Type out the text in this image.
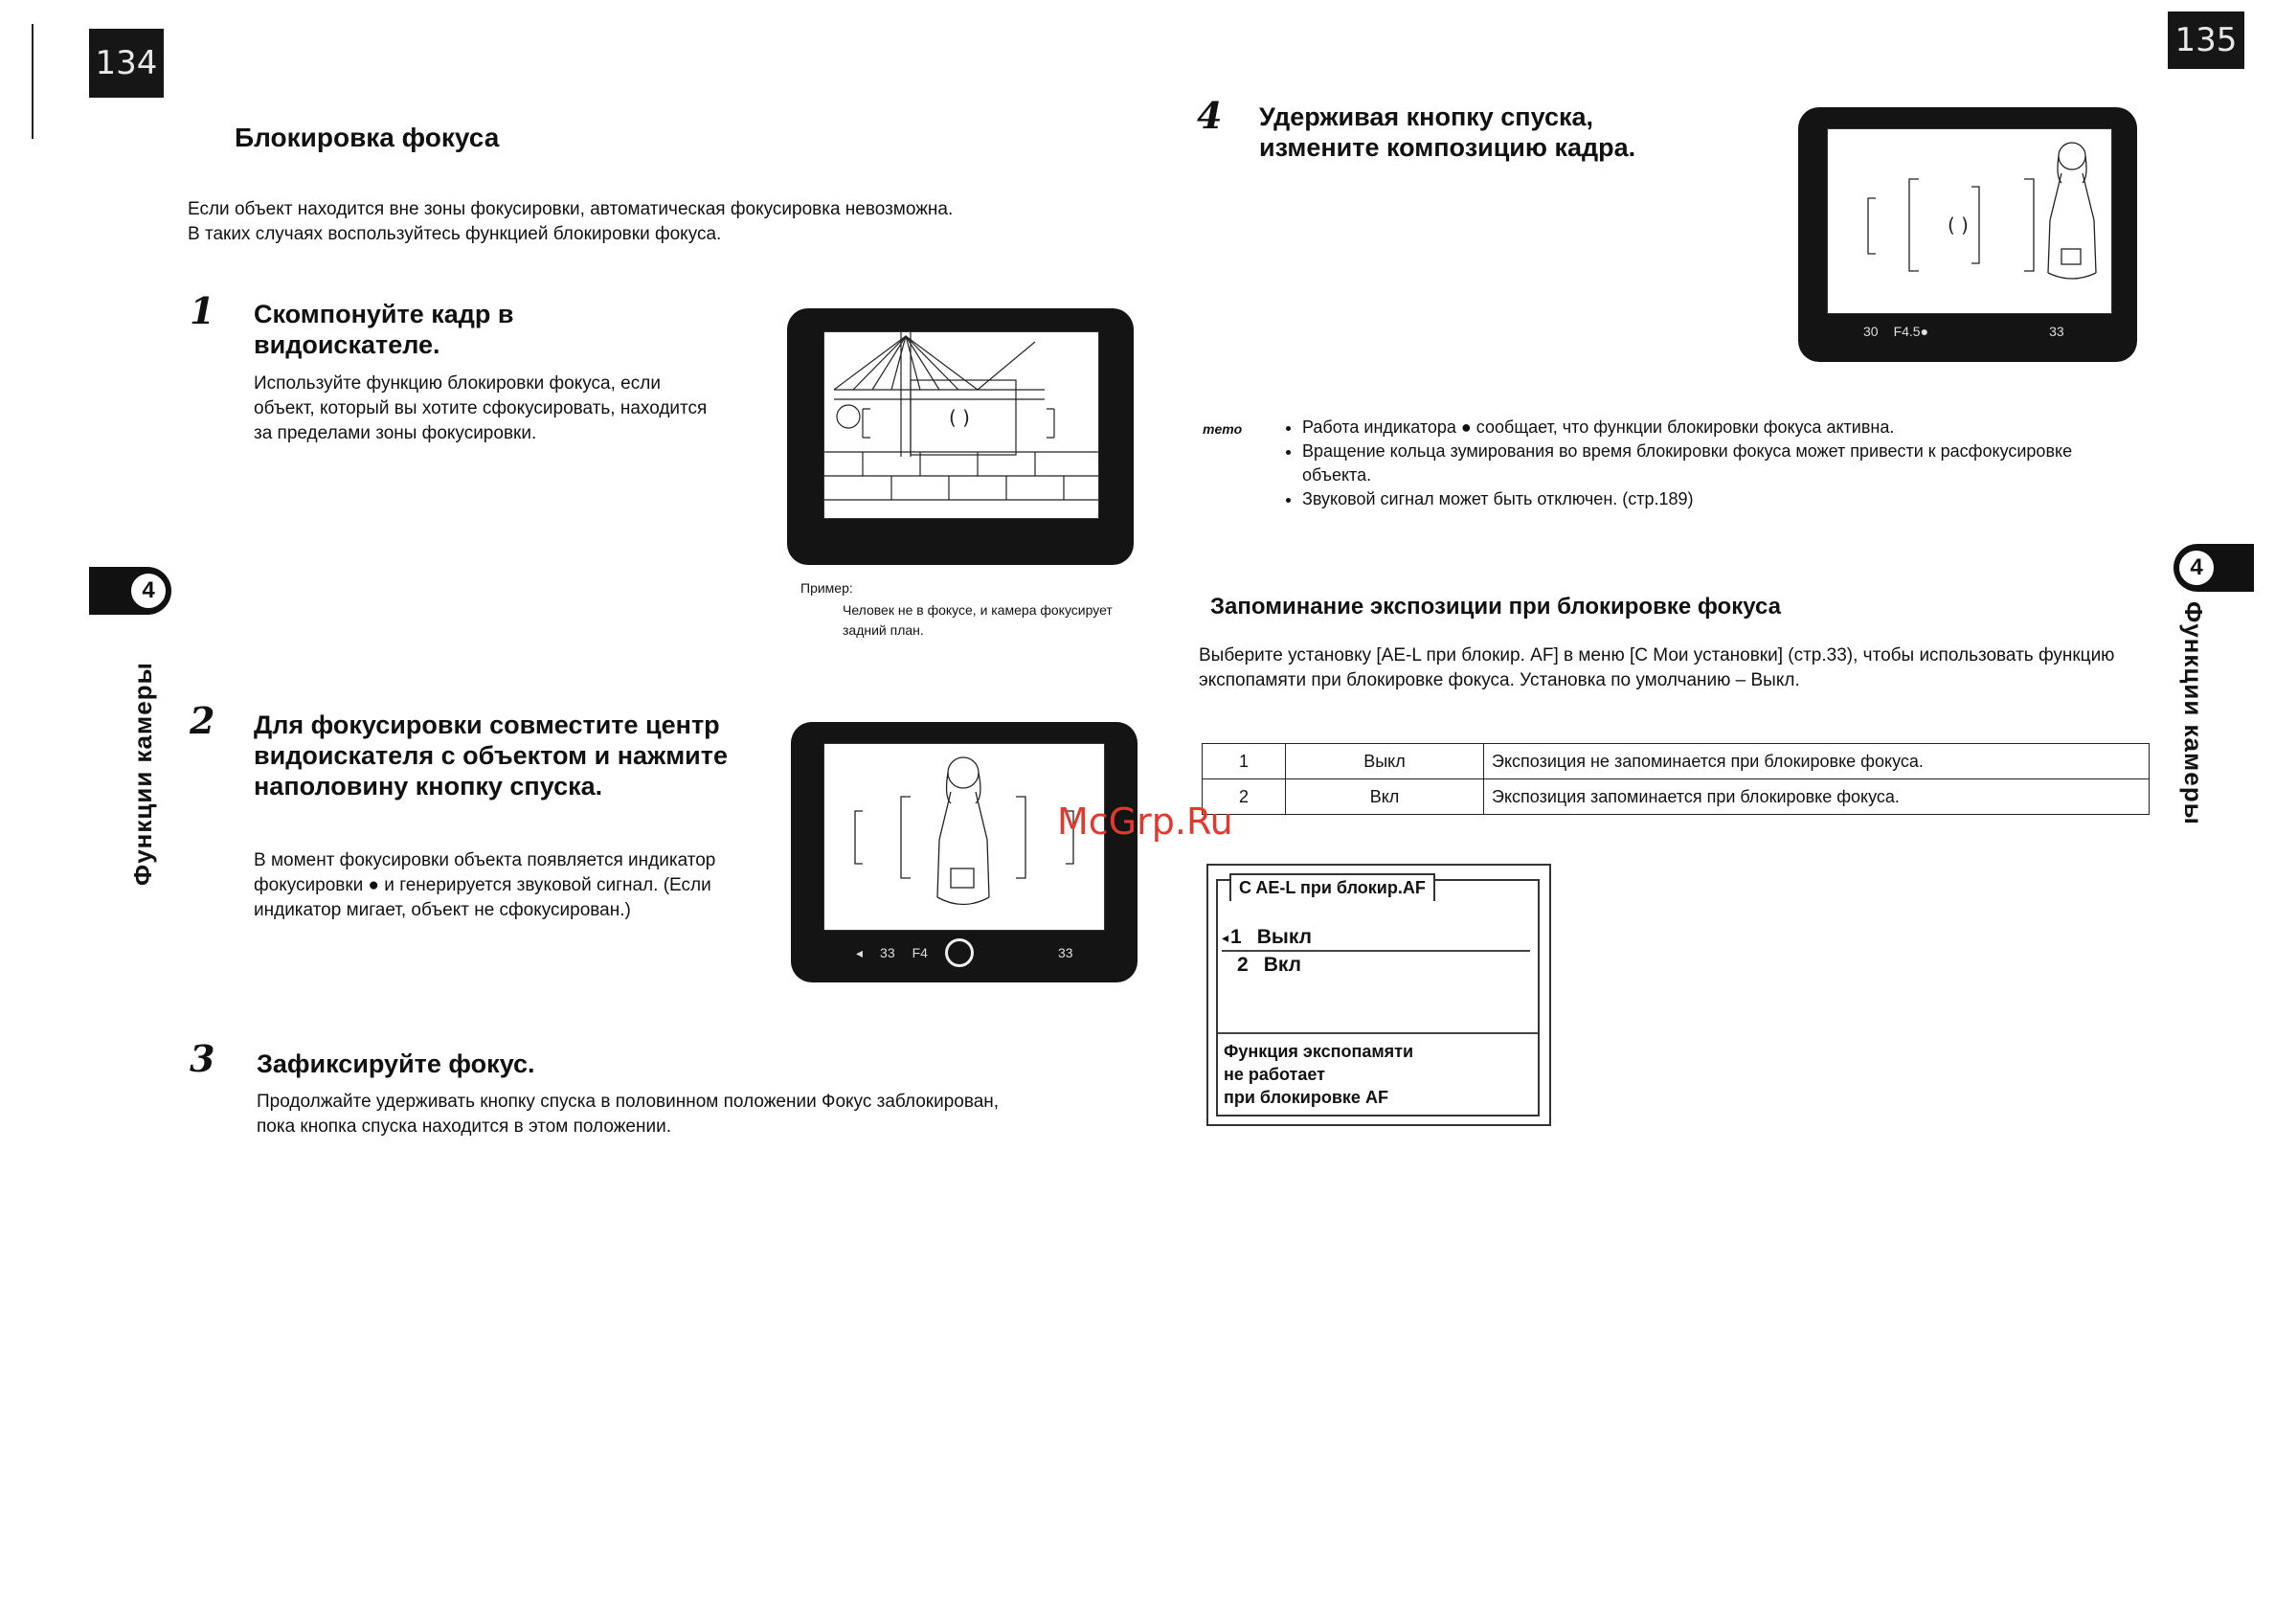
134
Блокировка фокуса
Если объект находится вне зоны фокусировки, автоматическая фокусировка невозможна.
В таких случаях воспользуйтесь функцией блокировки фокуса.
4
Функции камеры
1 Скомпонуйте кадр в видоискателе.
Используйте функцию блокировки фокуса, если объект, который вы хотите сфокусировать, находится за пределами зоны фокусировки.
( )
Пример:
Человек не в фокусе, и камера фокусирует задний план.
2 Для фокусировки совместите центр видоискателя с объектом и нажмите наполовину кнопку спуска.
В момент фокусировки объекта появляется индикатор фокусировки ● и генерируется звуковой сигнал. (Если индикатор мигает, объект не сфокусирован.)
◂ 33 F4	33
3 Зафиксируйте фокус.
Продолжайте удерживать кнопку спуска в половинном положении Фокус заблокирован, пока кнопка спуска находится в этом положении.
135
4 Удерживая кнопку спуска, измените композицию кадра.
( )
30 F4.5●	33
memo	• Работа индикатора ● сообщает, что функции блокировки фокуса активна.
• Вращение кольца зумирования во время блокировки фокуса может привести к расфокусировке объекта.
• Звуковой сигнал может быть отключен. (стр.189)
4
Функции камеры
Запоминание экспозиции при блокировке фокуса
Выберите установку [AE-L при блокир. AF] в меню [C Мои установки] (стр.33), чтобы использовать функцию экспопамяти при блокировке фокуса. Установка по умолчанию – Выкл.
1	Выкл	Экспозиция не запоминается при блокировке фокуса.
2	Вкл	Экспозиция запоминается при блокировке фокуса.
McGrp.Ru
C AE-L при блокир.AF
◂ 1 Выкл
2 Вкл
Функция экспопамяти
не работает
при блокировке AF
